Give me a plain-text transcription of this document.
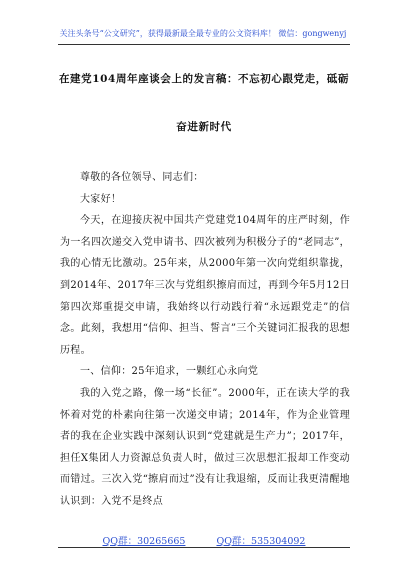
关注头条号“公文研究”，获得最新最全最专业的公文资料库！ 微信：gongwenyj
在建党104周年座谈会上的发言稿：不忘初心跟党走，砥砺
奋进新时代

尊敬的各位领导、同志们：

大家好！

今天，在迎接庆祝中国共产党建党104周年的庄严时刻，作为一名四次递交入党申请书、四次被列为积极分子的“老同志”，我的心情无比激动。25年来，从2000年第一次向党组织靠拢，到2014年、2017年三次与党组织擦肩而过，再到今年5月12日第四次郑重提交申请，我始终以行动践行着“永远跟党走”的信念。此刻，我想用“信仰、担当、誓言”三个关键词汇报我的思想历程。

一、信仰：25年追求，一颗红心永向党

我的入党之路，像一场“长征”。2000年，正在读大学的我怀着对党的朴素向往第一次递交申请；2014年，作为企业管理者的我在企业实践中深刻认识到“党建就是生产力”；2017年，担任X集团人力资源总负责人时，做过三次思想汇报却工作变动而错过。三次入党“擦肩而过”没有让我退缩，反而让我更清醒地认识到：入党不是终点

QQ群：30265665	QQ群：535304092
